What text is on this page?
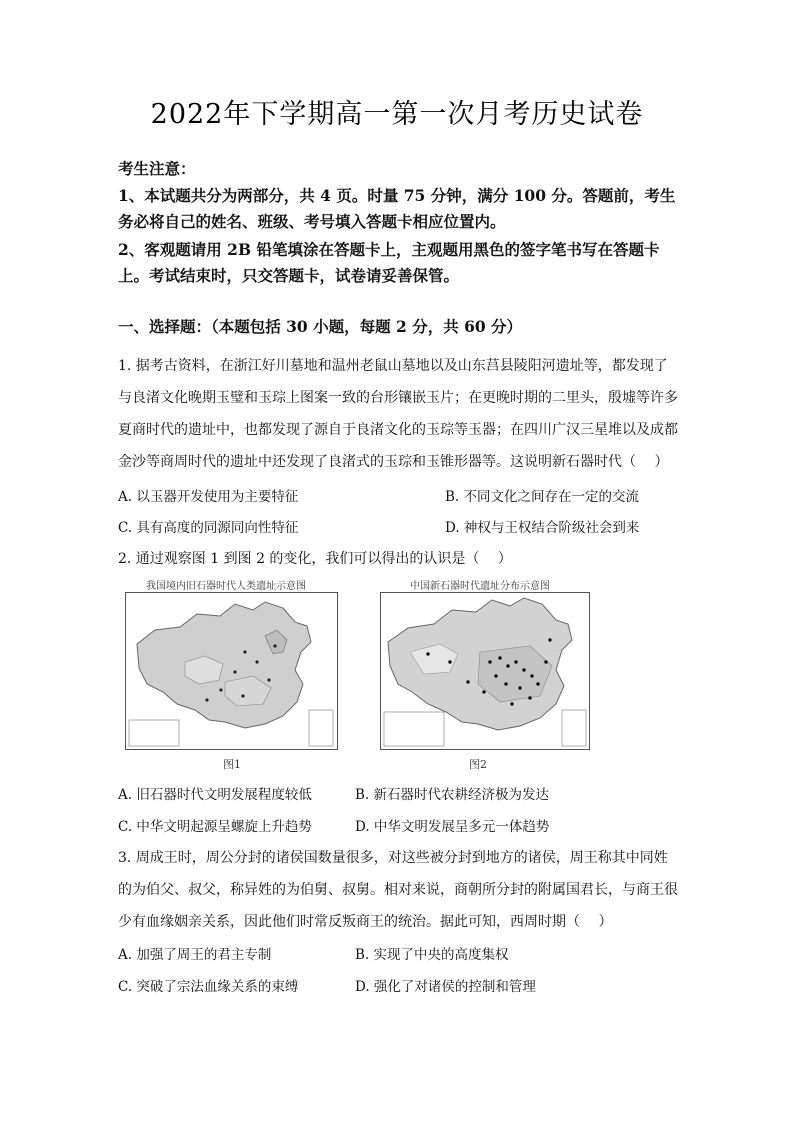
2022年下学期高一第一次月考历史试卷
考生注意：
1、本试题共分为两部分，共 4 页。时量 75 分钟，满分 100 分。答题前，考生
务必将自己的姓名、班级、考号填入答题卡相应位置内。
2、客观题请用 2B 铅笔填涂在答题卡上，主观题用黑色的签字笔书写在答题卡
上。考试结束时，只交答题卡，试卷请妥善保管。
一、选择题：（本题包括 30 小题，每题 2 分，共 60 分）
1. 据考古资料，在浙江好川墓地和温州老鼠山墓地以及山东莒县陵阳河遗址等，都发现了
与良渚文化晚期玉璧和玉琮上图案一致的台形镶嵌玉片；在更晚时期的二里头，殷墟等许多
夏商时代的遗址中，也都发现了源自于良渚文化的玉琮等玉器；在四川广汉三星堆以及成都
金沙等商周时代的遗址中还发现了良渚式的玉琮和玉锥形器等。这说明新石器时代（　 ）
A. 以玉器开发使用为主要特征	B. 不同文化之间存在一定的交流
C. 具有高度的同源同向性特征	D. 神权与王权结合阶级社会到来
2. 通过观察图 1 到图 2 的变化，我们可以得出的认识是（　 ）
我国境内旧石器时代人类遗址示意图
图1
中国新石器时代遗址分布示意图
图2
A. 旧石器时代文明发展程度较低	B. 新石器时代农耕经济极为发达
C. 中华文明起源呈螺旋上升趋势	D. 中华文明发展呈多元一体趋势
3. 周成王时，周公分封的诸侯国数量很多，对这些被分封到地方的诸侯，周王称其中同姓
的为伯父、叔父，称异姓的为伯舅、叔舅。相对来说，商朝所分封的附属国君长，与商王很
少有血缘姻亲关系，因此他们时常反叛商王的统治。据此可知，西周时期（　 ）
A. 加强了周王的君主专制	B. 实现了中央的高度集权
C. 突破了宗法血缘关系的束缚	D. 强化了对诸侯的控制和管理
